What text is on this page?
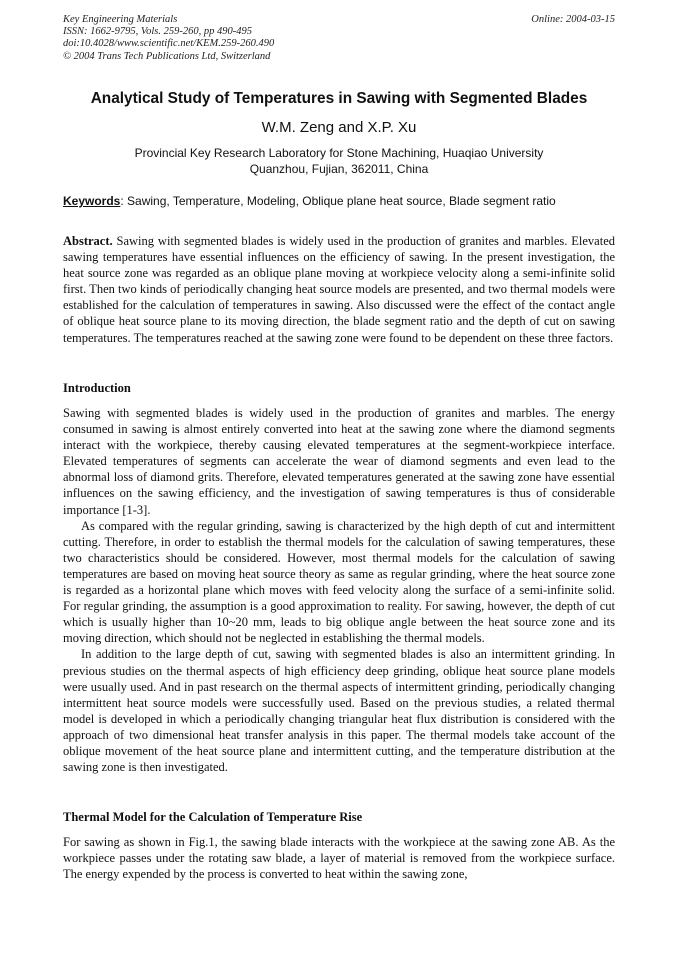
Key Engineering Materials
ISSN: 1662-9795, Vols. 259-260, pp 490-495
doi:10.4028/www.scientific.net/KEM.259-260.490
© 2004 Trans Tech Publications Ltd, Switzerland
Online: 2004-03-15
Analytical Study of Temperatures in Sawing with Segmented Blades
W.M. Zeng and X.P. Xu
Provincial Key Research Laboratory for Stone Machining, Huaqiao University
Quanzhou, Fujian, 362011, China
Keywords: Sawing, Temperature, Modeling, Oblique plane heat source, Blade segment ratio
Abstract. Sawing with segmented blades is widely used in the production of granites and marbles. Elevated sawing temperatures have essential influences on the efficiency of sawing. In the present investigation, the heat source zone was regarded as an oblique plane moving at workpiece velocity along a semi-infinite solid first. Then two kinds of periodically changing heat source models are presented, and two thermal models were established for the calculation of temperatures in sawing. Also discussed were the effect of the contact angle of oblique heat source plane to its moving direction, the blade segment ratio and the depth of cut on sawing temperatures. The temperatures reached at the sawing zone were found to be dependent on these three factors.
Introduction

Sawing with segmented blades is widely used in the production of granites and marbles. The energy consumed in sawing is almost entirely converted into heat at the sawing zone where the diamond segments interact with the workpiece, thereby causing elevated temperatures at the segment-workpiece interface. Elevated temperatures of segments can accelerate the wear of diamond segments and even lead to the abnormal loss of diamond grits. Therefore, elevated temperatures generated at the sawing zone have essential influences on the sawing efficiency, and the investigation of sawing temperatures is thus of considerable importance [1-3].

As compared with the regular grinding, sawing is characterized by the high depth of cut and intermittent cutting. Therefore, in order to establish the thermal models for the calculation of sawing temperatures, these two characteristics should be considered. However, most thermal models for the calculation of sawing temperatures are based on moving heat source theory as same as regular grinding, where the heat source zone is regarded as a horizontal plane which moves with feed velocity along the surface of a semi-infinite solid. For regular grinding, the assumption is a good approximation to reality. For sawing, however, the depth of cut which is usually higher than 10~20 mm, leads to big oblique angle between the heat source zone and its moving direction, which should not be neglected in establishing the thermal models.

In addition to the large depth of cut, sawing with segmented blades is also an intermittent grinding. In previous studies on the thermal aspects of high efficiency deep grinding, oblique heat source plane models were usually used. And in past research on the thermal aspects of intermittent grinding, periodically changing intermittent heat source models were successfully used. Based on the previous studies, a related thermal model is developed in which a periodically changing triangular heat flux distribution is considered with the approach of two dimensional heat transfer analysis in this paper. The thermal models take account of the oblique movement of the heat source plane and intermittent cutting, and the temperature distribution at the sawing zone is then investigated.

Thermal Model for the Calculation of Temperature Rise

For sawing as shown in Fig.1, the sawing blade interacts with the workpiece at the sawing zone AB. As the workpiece passes under the rotating saw blade, a layer of material is removed from the workpiece surface. The energy expended by the process is converted to heat within the sawing zone,
